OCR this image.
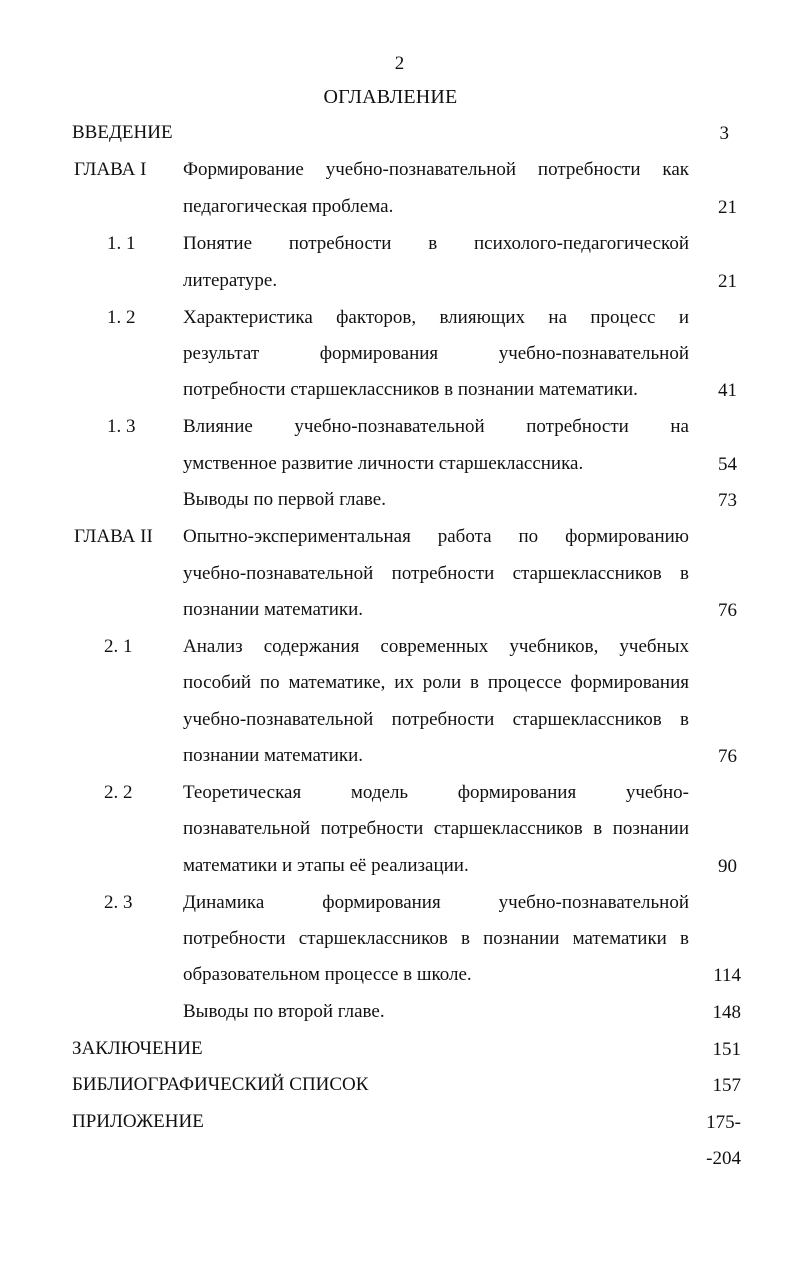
2
ОГЛАВЛЕНИЕ
ВВЕДЕНИЕ	3
ГЛАВА I Формирование учебно-познавательной потребности как
педагогическая проблема.	21
1. 1	Понятие потребности в психолого-педагогической
литературе.	21
1. 2	Характеристика факторов, влияющих на процесс и
результат формирования учебно-познавательной
потребности старшеклассников в познании математики.	41
1. 3	Влияние учебно-познавательной потребности на
умственное развитие личности старшеклассника.	54
Выводы по первой главе.	73
ГЛАВА II Опытно-экспериментальная работа по формированию
учебно-познавательной потребности старшеклассников в
познании математики.	76
2. 1	Анализ содержания современных учебников, учебных
пособий по математике, их роли в процессе формирования
учебно-познавательной потребности старшеклассников в
познании математики.	76
2. 2	Теоретическая модель формирования учебно-
познавательной потребности старшеклассников в познании
математики и этапы её реализации.	90
2. 3	Динамика формирования учебно-познавательной
потребности старшеклассников в познании математики в
образовательном процессе в школе.	114
Выводы по второй главе.	148
ЗАКЛЮЧЕНИЕ	151
БИБЛИОГРАФИЧЕСКИЙ СПИСОК	157
ПРИЛОЖЕНИЕ	175-
-204
